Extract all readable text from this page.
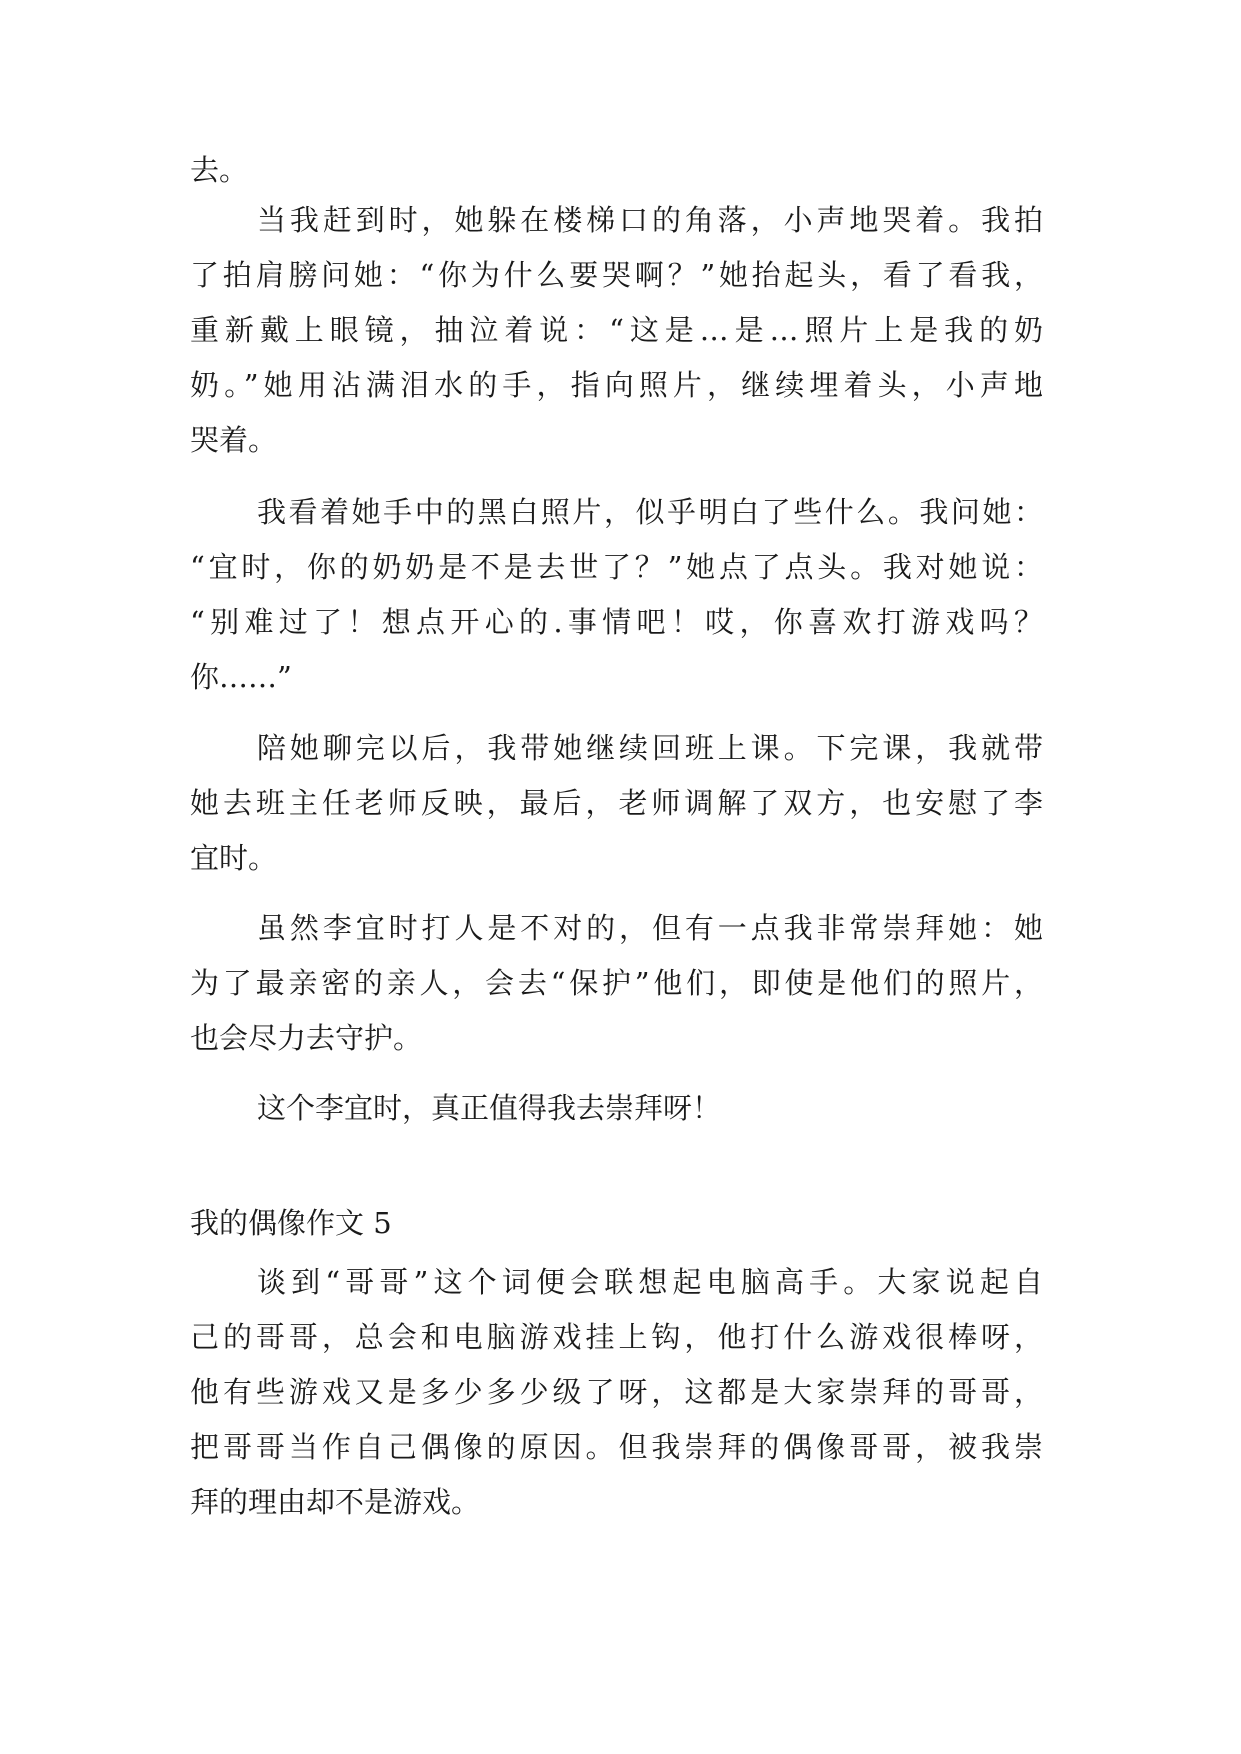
去。

当我赶到时，她躲在楼梯口的角落，小声地哭着。我拍

了拍肩膀问她：“你为什么要哭啊？”她抬起头，看了看我，

重新戴上眼镜，抽泣着说：“这是…是…照片上是我的奶

奶。”她用沾满泪水的手，指向照片，继续埋着头，小声地

哭着。

我看着她手中的黑白照片，似乎明白了些什么。我问她：

“宜时，你的奶奶是不是去世了？”她点了点头。我对她说：

“别难过了！想点开心的.事情吧！哎，你喜欢打游戏吗？

你……”

陪她聊完以后，我带她继续回班上课。下完课，我就带

她去班主任老师反映，最后，老师调解了双方，也安慰了李

宜时。

虽然李宜时打人是不对的，但有一点我非常崇拜她：她

为了最亲密的亲人，会去“保护”他们，即使是他们的照片，

也会尽力去守护。

这个李宜时，真正值得我去崇拜呀！

我的偶像作文 5

谈到“哥哥”这个词便会联想起电脑高手。大家说起自

己的哥哥，总会和电脑游戏挂上钩，他打什么游戏很棒呀，

他有些游戏又是多少多少级了呀，这都是大家崇拜的哥哥，

把哥哥当作自己偶像的原因。但我崇拜的偶像哥哥，被我崇

拜的理由却不是游戏。
